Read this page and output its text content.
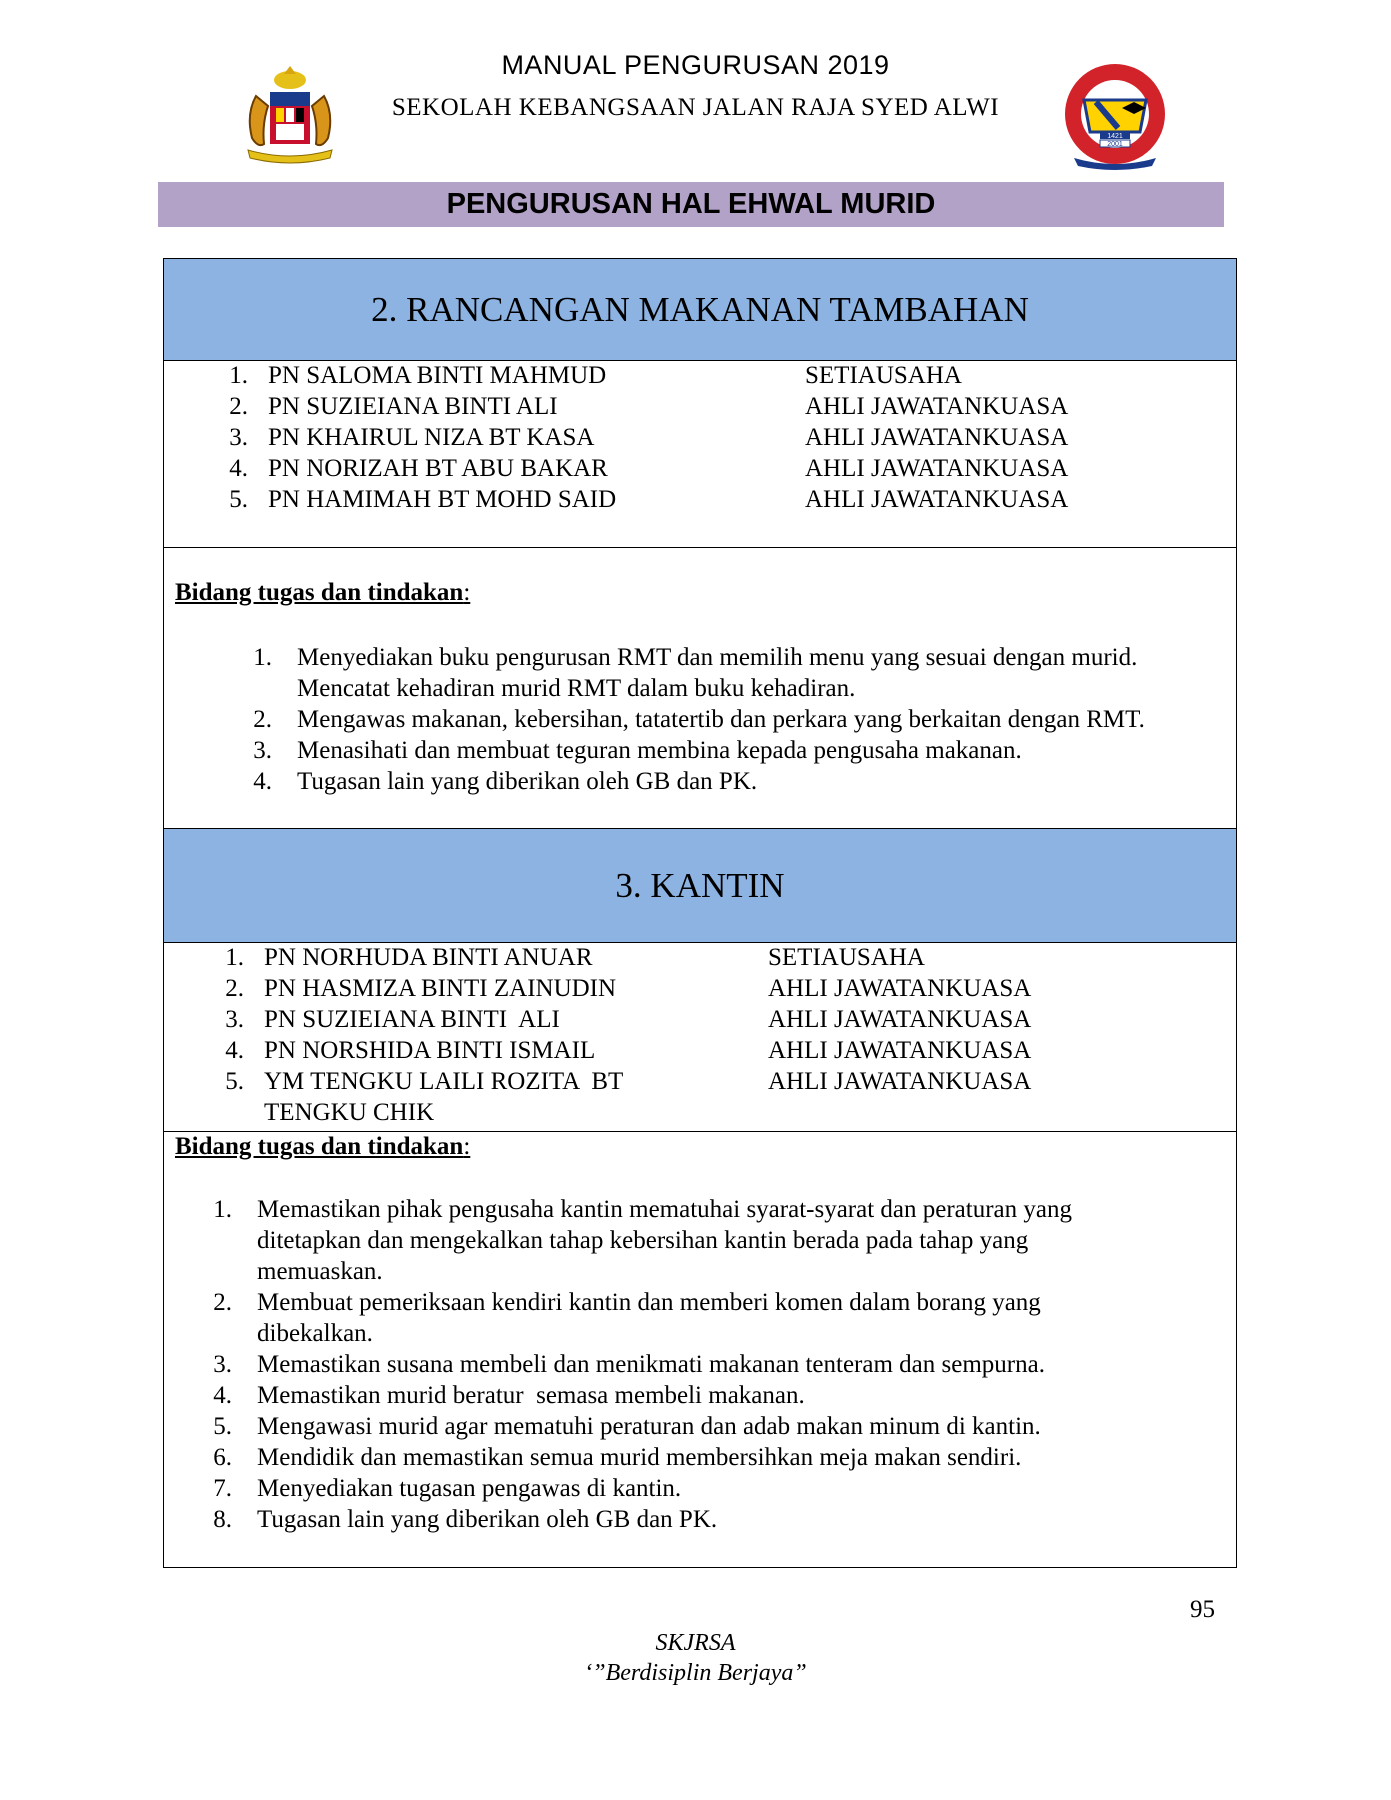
MANUAL PENGURUSAN 2019
SEKOLAH KEBANGSAAN JALAN RAJA SYED ALWI
1421
2001
PENGURUSAN HAL EHWAL MURID
2. RANCANGAN MAKANAN TAMBAHAN
1. PN SALOMA BINTI MAHMUD	SETIAUSAHA
2. PN SUZIEIANA BINTI ALI	AHLI JAWATANKUASA
3. PN KHAIRUL NIZA BT KASA	AHLI JAWATANKUASA
4. PN NORIZAH BT ABU BAKAR	AHLI JAWATANKUASA
5. PN HAMIMAH BT MOHD SAID	AHLI JAWATANKUASA
Bidang tugas dan tindakan:
1. Menyediakan buku pengurusan RMT dan memilih menu yang sesuai dengan murid.
Mencatat kehadiran murid RMT dalam buku kehadiran.
2. Mengawas makanan, kebersihan, tatatertib dan perkara yang berkaitan dengan RMT.
3. Menasihati dan membuat teguran membina kepada pengusaha makanan.
4. Tugasan lain yang diberikan oleh GB dan PK.
3. KANTIN
1. PN NORHUDA BINTI ANUAR	SETIAUSAHA
2. PN HASMIZA BINTI ZAINUDIN	AHLI JAWATANKUASA
3. PN SUZIEIANA BINTI  ALI	AHLI JAWATANKUASA
4. PN NORSHIDA BINTI ISMAIL	AHLI JAWATANKUASA
5. YM TENGKU LAILI ROZITA  BT	AHLI JAWATANKUASA
TENGKU CHIK
Bidang tugas dan tindakan:
1. Memastikan pihak pengusaha kantin mematuhai syarat-syarat dan peraturan yang
ditetapkan dan mengekalkan tahap kebersihan kantin berada pada tahap yang
memuaskan.
2. Membuat pemeriksaan kendiri kantin dan memberi komen dalam borang yang
dibekalkan.
3. Memastikan susana membeli dan menikmati makanan tenteram dan sempurna.
4. Memastikan murid beratur  semasa membeli makanan.
5. Mengawasi murid agar mematuhi peraturan dan adab makan minum di kantin.
6. Mendidik dan memastikan semua murid membersihkan meja makan sendiri.
7. Menyediakan tugasan pengawas di kantin.
8. Tugasan lain yang diberikan oleh GB dan PK.
95
SKJRSA
‘”Berdisiplin Berjaya”
